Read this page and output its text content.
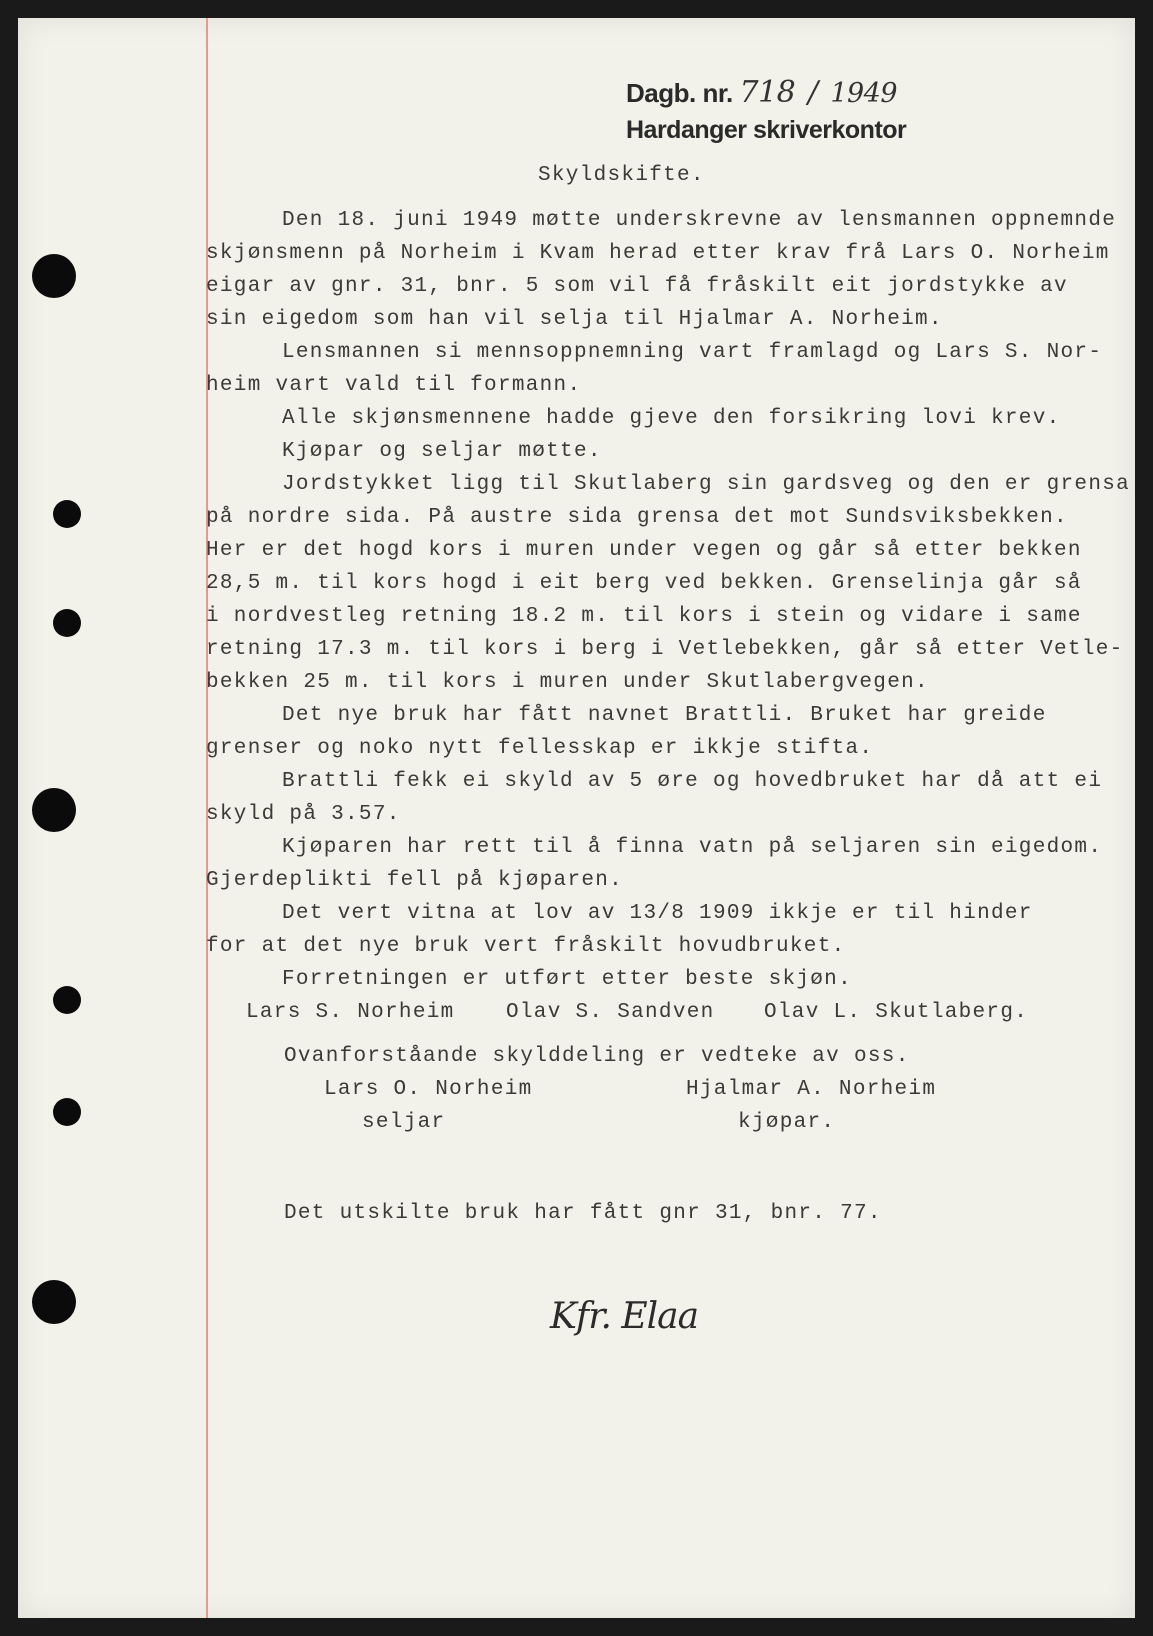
Dagb. nr. 718 / 1949
Hardanger skriverkontor
Skyldskifte.
Den 18. juni 1949 møtte underskrevne av lensmannen oppnemnde
skjønsmenn på Norheim i Kvam herad etter krav frå Lars O. Norheim
eigar av gnr. 31, bnr. 5 som vil få fråskilt eit jordstykke av
sin eigedom som han vil selja til Hjalmar A. Norheim.
Lensmannen si mennsoppnemning vart framlagd og Lars S. Nor-
heim vart vald til formann.
Alle skjønsmennene hadde gjeve den forsikring lovi krev.
Kjøpar og seljar møtte.
Jordstykket ligg til Skutlaberg sin gardsveg og den er grensa
på nordre sida. På austre sida grensa det mot Sundsviksbekken.
Her er det hogd kors i muren under vegen og går så etter bekken
28,5 m. til kors hogd i eit berg ved bekken. Grenselinja går så
i nordvestleg retning 18.2 m. til kors i stein og vidare i same
retning 17.3 m. til kors i berg i Vetlebekken, går så etter Vetle-
bekken 25 m. til kors i muren under Skutlabergvegen.
Det nye bruk har fått navnet Brattli. Bruket har greide
grenser og noko nytt fellesskap er ikkje stifta.
Brattli fekk ei skyld av 5 øre og hovedbruket har då att ei
skyld på 3.57.
Kjøparen har rett til å finna vatn på seljaren sin eigedom.
Gjerdeplikti fell på kjøparen.
Det vert vitna at lov av 13/8 1909 ikkje er til hinder
for at det nye bruk vert fråskilt hovudbruket.
Forretningen er utført etter beste skjøn.
Lars S. Norheim Olav S. Sandven Olav L. Skutlaberg.
Ovanforståande skylddeling er vedteke av oss.
Lars O. Norheim	Hjalmar A. Norheim
seljar	kjøpar.
Det utskilte bruk har fått gnr 31, bnr. 77.
Kfr. Elaa
